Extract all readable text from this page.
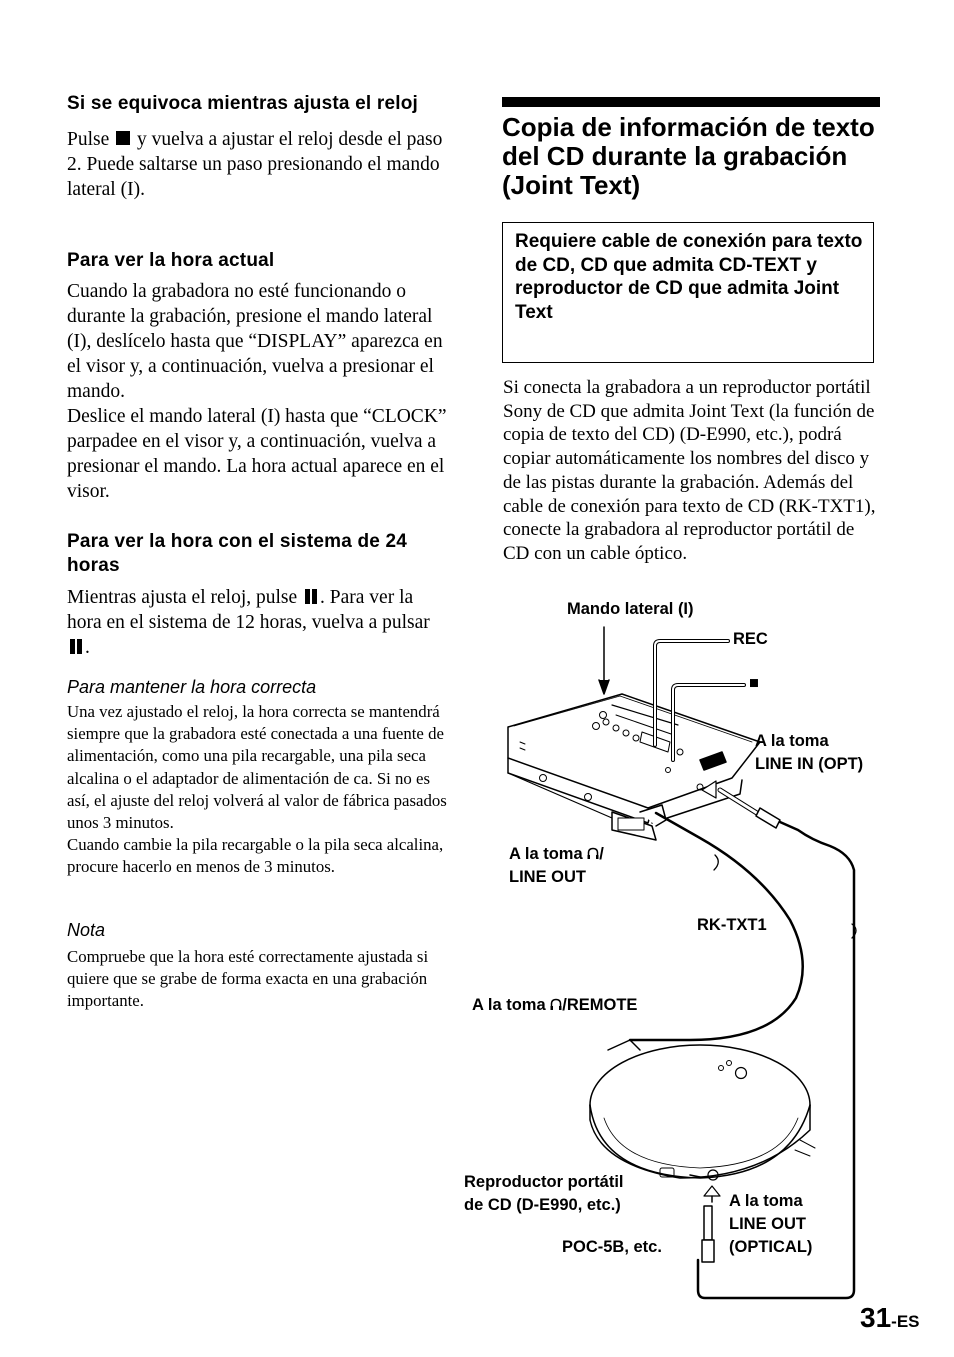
Si se equivoca mientras ajusta el reloj

Pulse y vuelva a ajustar el reloj desde el paso 2. Puede saltarse un paso presionando el mando lateral (I).

Para ver la hora actual

Cuando la grabadora no esté funcionando o durante la grabación, presione el mando lateral (I), deslícelo hasta que “DISPLAY” aparezca en el visor y, a continuación, vuelva a presionar el mando.

Deslice el mando lateral (I) hasta que “CLOCK” parpadee en el visor y, a continuación, vuelva a presionar el mando. La hora actual aparece en el visor.

Para ver la hora con el sistema de 24 horas

Mientras ajusta el reloj, pulse . Para ver la hora en el sistema de 12 horas, vuelva a pulsar .

Para mantener la hora correcta

Una vez ajustado el reloj, la hora correcta se mantendrá siempre que la grabadora esté conectada a una fuente de alimentación, como una pila recargable, una pila seca alcalina o el adaptador de alimentación de ca. Si no es así, el ajuste del reloj volverá al valor de fábrica pasados unos 3 minutos.

Cuando cambie la pila recargable o la pila seca alcalina, procure hacerlo en menos de 3 minutos.

Nota

Compruebe que la hora esté correctamente ajustada si quiere que se grabe de forma exacta en una grabación importante.

Copia de información de texto del CD durante la grabación (Joint Text)

Requiere cable de conexión para texto de CD, CD que admita CD-TEXT y reproductor de CD que admita Joint Text

Si conecta la grabadora a un reproductor portátil Sony de CD que admita Joint Text (la función de copia de texto del CD) (D-E990, etc.), podrá copiar automáticamente los nombres del disco y de las pistas durante la grabación. Además del cable de conexión para texto de CD (RK-TXT1), conecte la grabadora al reproductor portátil de CD con un cable óptico.

Mando lateral (I)
REC
■
A la toma
LINE IN (OPT)
A la toma /
LINE OUT
RK-TXT1
A la toma /REMOTE
Reproductor portátil
de CD (D-E990, etc.)
POC-5B, etc.
A la toma
LINE OUT
(OPTICAL)
31-ES
